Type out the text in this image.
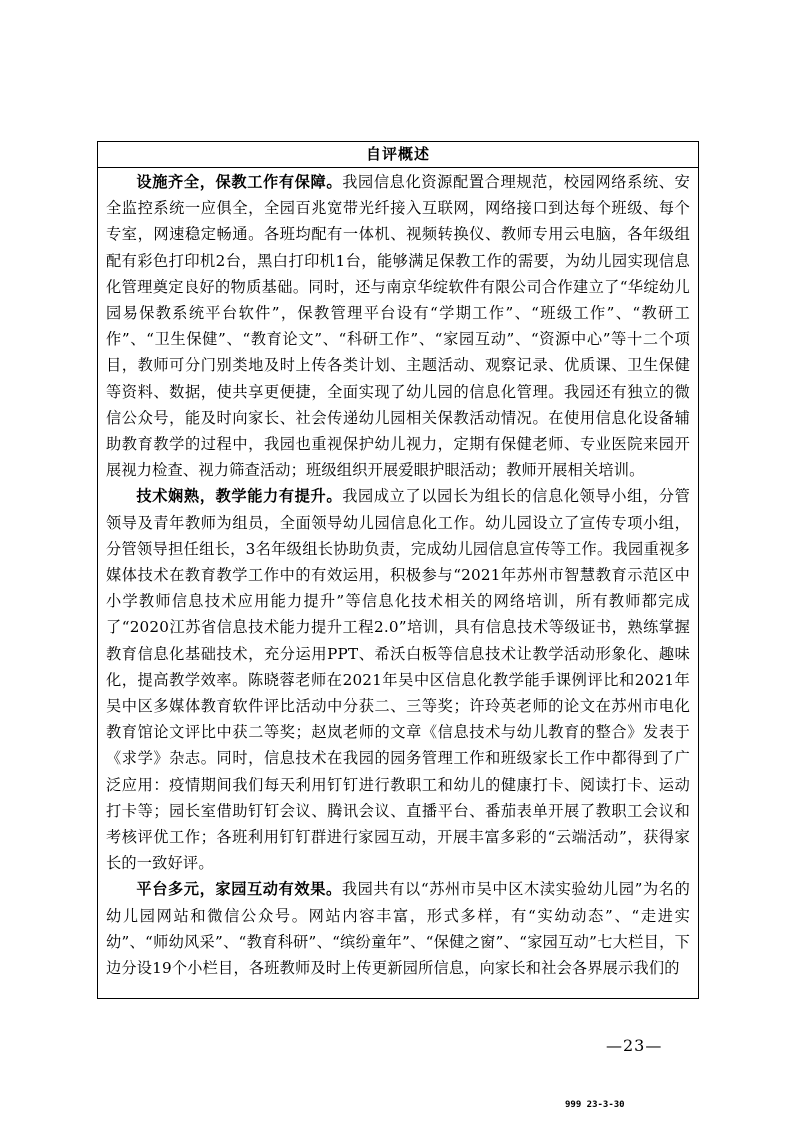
自评概述

设施齐全，保教工作有保障。我园信息化资源配置合理规范，校园网络系统、安全监控系统一应俱全，全园百兆宽带光纤接入互联网，网络接口到达每个班级、每个专室，网速稳定畅通。各班均配有一体机、视频转换仪、教师专用云电脑，各年级组配有彩色打印机2台，黑白打印机1台，能够满足保教工作的需要，为幼儿园实现信息化管理奠定良好的物质基础。同时，还与南京华绽软件有限公司合作建立了“华绽幼儿园易保教系统平台软件”，保教管理平台设有“学期工作”、“班级工作”、“教研工作”、“卫生保健”、“教育论文”、“科研工作”、“家园互动”、“资源中心”等十二个项目，教师可分门别类地及时上传各类计划、主题活动、观察记录、优质课、卫生保健等资料、数据，使共享更便捷，全面实现了幼儿园的信息化管理。我园还有独立的微信公众号，能及时向家长、社会传递幼儿园相关保教活动情况。在使用信息化设备辅助教育教学的过程中，我园也重视保护幼儿视力，定期有保健老师、专业医院来园开展视力检查、视力筛查活动；班级组织开展爱眼护眼活动；教师开展相关培训。

技术娴熟，教学能力有提升。我园成立了以园长为组长的信息化领导小组，分管领导及青年教师为组员，全面领导幼儿园信息化工作。幼儿园设立了宣传专项小组，分管领导担任组长，3名年级组长协助负责，完成幼儿园信息宣传等工作。我园重视多媒体技术在教育教学工作中的有效运用，积极参与“2021年苏州市智慧教育示范区中小学教师信息技术应用能力提升”等信息化技术相关的网络培训，所有教师都完成了“2020江苏省信息技术能力提升工程2.0”培训，具有信息技术等级证书，熟练掌握教育信息化基础技术，充分运用PPT、希沃白板等信息技术让教学活动形象化、趣味化，提高教学效率。陈晓蓉老师在2021年吴中区信息化教学能手课例评比和2021年吴中区多媒体教育软件评比活动中分获二、三等奖；许玲英老师的论文在苏州市电化教育馆论文评比中获二等奖；赵岚老师的文章《信息技术与幼儿教育的整合》发表于《求学》杂志。同时，信息技术在我园的园务管理工作和班级家长工作中都得到了广泛应用：疫情期间我们每天利用钉钉进行教职工和幼儿的健康打卡、阅读打卡、运动打卡等；园长室借助钉钉会议、腾讯会议、直播平台、番茄表单开展了教职工会议和考核评优工作；各班利用钉钉群进行家园互动，开展丰富多彩的“云端活动”，获得家长的一致好评。

平台多元，家园互动有效果。我园共有以“苏州市吴中区木渎实验幼儿园”为名的幼儿园网站和微信公众号。网站内容丰富，形式多样，有“实幼动态”、“走进实幼”、“师幼风采”、“教育科研”、“缤纷童年”、“保健之窗”、“家园互动”七大栏目，下边分设19个小栏目，各班教师及时上传更新园所信息，向家长和社会各界展示我们的

—23—
999 23-3-30
